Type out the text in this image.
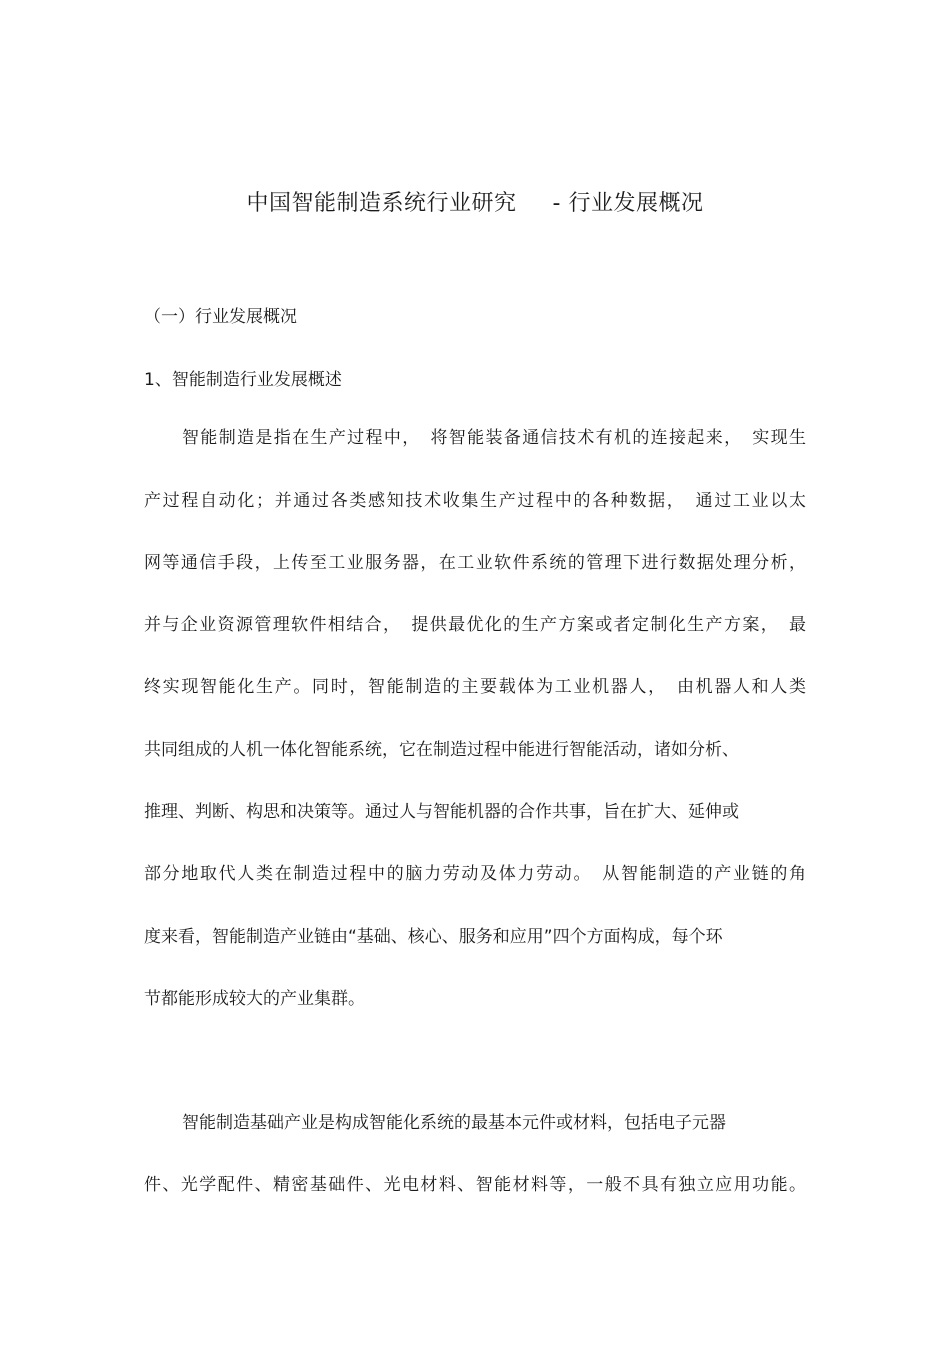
中国智能制造系统行业研究 - 行业发展概况
（一）行业发展概况
1、智能制造行业发展概述
智能制造是指在生产过程中，　将智能装备通信技术有机的连接起来，　实现生
产过程自动化；并通过各类感知技术收集生产过程中的各种数据，　通过工业以太
网等通信手段，上传至工业服务器，在工业软件系统的管理下进行数据处理分析，
并与企业资源管理软件相结合，　提供最优化的生产方案或者定制化生产方案，　最
终实现智能化生产。同时，智能制造的主要载体为工业机器人，　由机器人和人类
共同组成的人机一体化智能系统，它在制造过程中能进行智能活动，诸如分析、
推理、判断、构思和决策等。通过人与智能机器的合作共事，旨在扩大、延伸或
部分地取代人类在制造过程中的脑力劳动及体力劳动。　从智能制造的产业链的角
度来看，智能制造产业链由“基础、核心、服务和应用”四个方面构成，每个环
节都能形成较大的产业集群。
智能制造基础产业是构成智能化系统的最基本元件或材料，包括电子元器
件、光学配件、精密基础件、光电材料、智能材料等，一般不具有独立应用功能。
